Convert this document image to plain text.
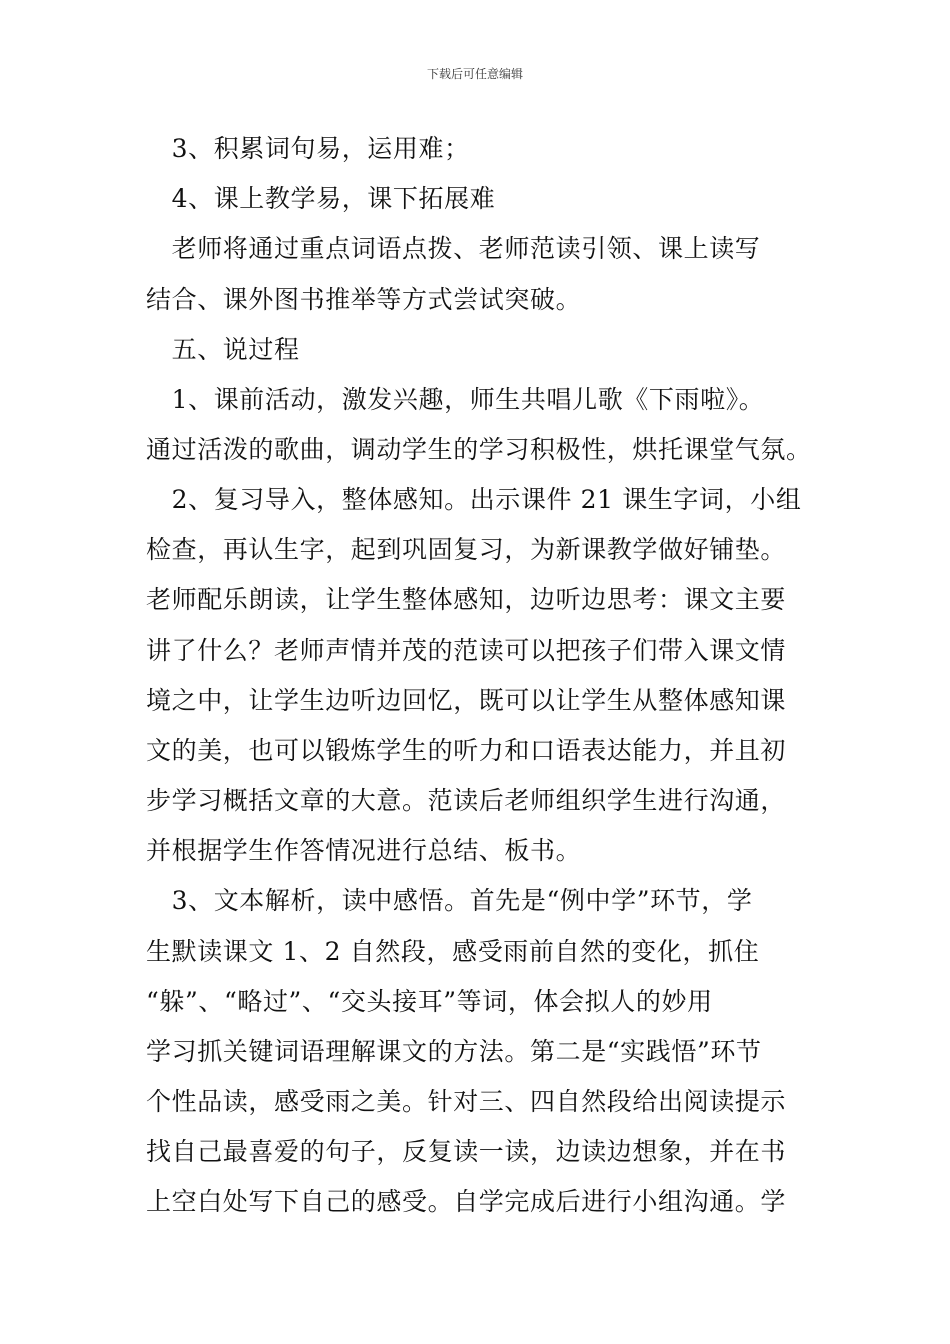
下载后可任意编辑
　3、积累词句易，运用难；
　4、课上教学易，课下拓展难
　老师将通过重点词语点拨、老师范读引领、课上读写
结合、课外图书推举等方式尝试突破。
　五、说过程
　1、课前活动，激发兴趣，师生共唱儿歌《下雨啦》。
通过活泼的歌曲，调动学生的学习积极性，烘托课堂气氛。
　2、复习导入，整体感知。出示课件 21 课生字词，小组
检查，再认生字，起到巩固复习，为新课教学做好铺垫。
老师配乐朗读，让学生整体感知，边听边思考：课文主要
讲了什么？老师声情并茂的范读可以把孩子们带入课文情
境之中，让学生边听边回忆，既可以让学生从整体感知课
文的美，也可以锻炼学生的听力和口语表达能力，并且初
步学习概括文章的大意。范读后老师组织学生进行沟通，
并根据学生作答情况进行总结、板书。
　3、文本解析，读中感悟。首先是“例中学”环节，学
生默读课文 1、2 自然段，感受雨前自然的变化，抓住
“躲”、“略过”、“交头接耳”等词，体会拟人的妙用
学习抓关键词语理解课文的方法。第二是“实践悟”环节
个性品读，感受雨之美。针对三、四自然段给出阅读提示
找自己最喜爱的句子，反复读一读，边读边想象，并在书
上空白处写下自己的感受。自学完成后进行小组沟通。学
